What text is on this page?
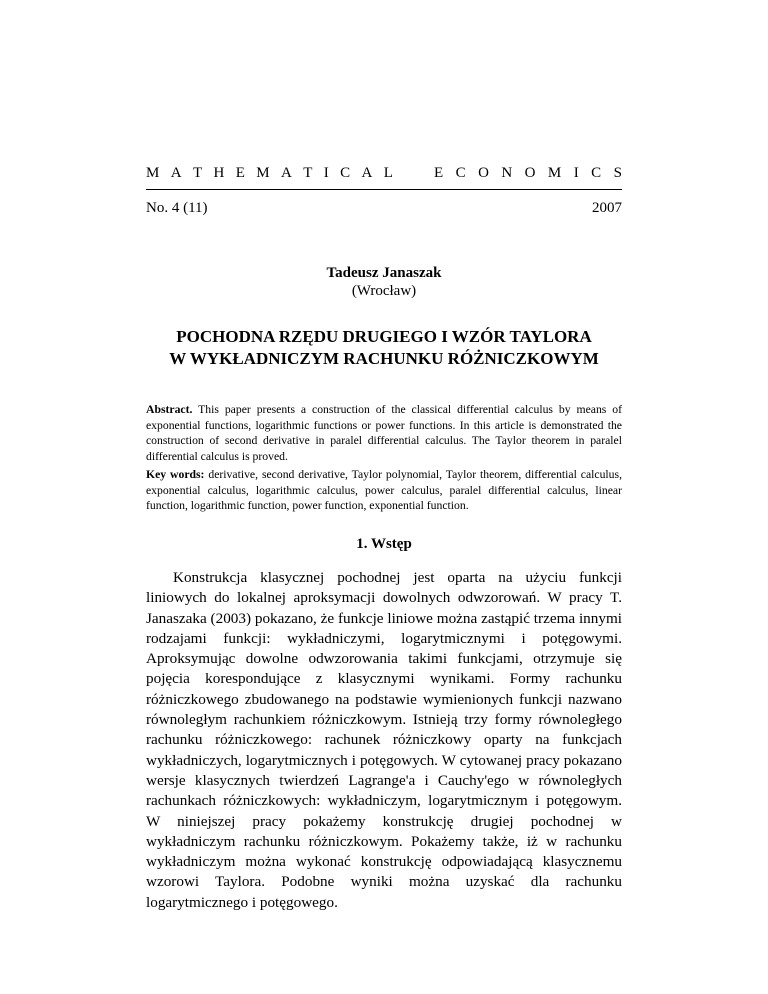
M A T H E M A T I C A L	E C O N O M I C S
No. 4 (11)	2007
Tadeusz Janaszak
(Wrocław)
POCHODNA RZĘDU DRUGIEGO I WZÓR TAYLORA
W WYKŁADNICZYM RACHUNKU RÓŻNICZKOWYM
Abstract. This paper presents a construction of the classical differential calculus by means of exponential functions, logarithmic functions or power functions. In this article is demonstrated the construction of second derivative in paralel differential calculus. The Taylor theorem in paralel differential calculus is proved.
Key words: derivative, second derivative, Taylor polynomial, Taylor theorem, differential calculus, exponential calculus, logarithmic calculus, power calculus, paralel differential calculus, linear function, logarithmic function, power function, exponential function.
1. Wstęp

Konstrukcja klasycznej pochodnej jest oparta na użyciu funkcji liniowych do lokalnej aproksymacji dowolnych odwzorowań. W pracy T. Janaszaka (2003) pokazano, że funkcje liniowe można zastąpić trzema innymi rodzajami funkcji: wykładniczymi, logarytmicznymi i potęgowymi. Aproksymując dowolne odwzorowania takimi funkcjami, otrzymuje się pojęcia korespondujące z klasycznymi wynikami. Formy rachunku różniczkowego zbudowanego na podstawie wymienionych funkcji nazwano równoległym rachunkiem różniczkowym. Istnieją trzy formy równoległego rachunku różniczkowego: rachunek różniczkowy oparty na funkcjach wykładniczych, logarytmicznych i potęgowych. W cytowanej pracy pokazano wersje klasycznych twierdzeń Lagrange'a i Cauchy'ego w równoległych rachunkach różniczkowych: wykładniczym, logarytmicznym i potęgowym. W niniejszej pracy pokażemy konstrukcję drugiej pochodnej w wykładniczym rachunku różniczkowym. Pokażemy także, iż w rachunku wykładniczym można wykonać konstrukcję odpowiadającą klasycznemu wzorowi Taylora. Podobne wyniki można uzyskać dla rachunku logarytmicznego i potęgowego.
